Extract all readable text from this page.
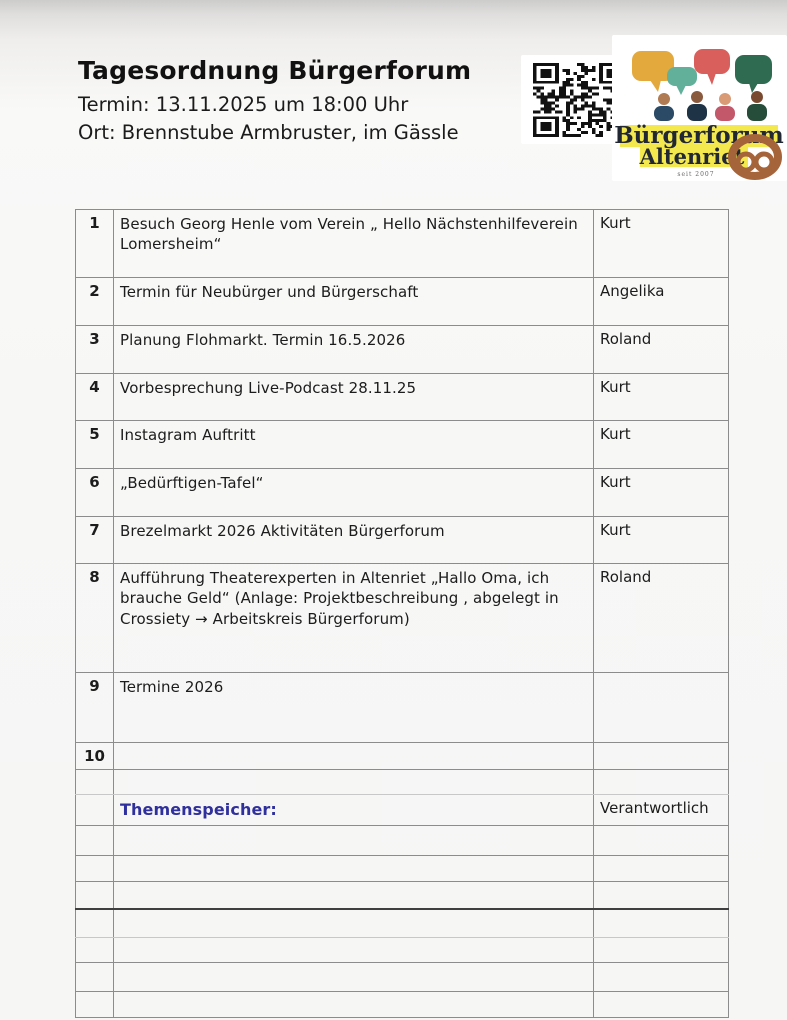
Tagesordnung Bürgerforum
Termin: 13.11.2025 um 18:00 Uhr
Ort: Brennstube Armbruster, im Gässle	Bürgerforum
Altenriet
seit 2007
1	Besuch Georg Henle vom Verein „ Hello Nächstenhilfeverein Lomersheim“	Kurt
2	Termin für Neubürger und Bürgerschaft	Angelika
3	Planung Flohmarkt. Termin 16.5.2026	Roland
4	Vorbesprechung Live-Podcast 28.11.25	Kurt
5	Instagram Auftritt	Kurt
6	„Bedürftigen-Tafel“	Kurt
7	Brezelmarkt 2026 Aktivitäten Bürgerforum	Kurt
8	Aufführung Theaterexperten in Altenriet „Hallo Oma, ich brauche Geld“ (Anlage: Projektbeschreibung , abgelegt in Crossiety → Arbeitskreis Bürgerforum)	Roland
9	Termine 2026	
10		

	Themenspeicher:	Verantwortlich
